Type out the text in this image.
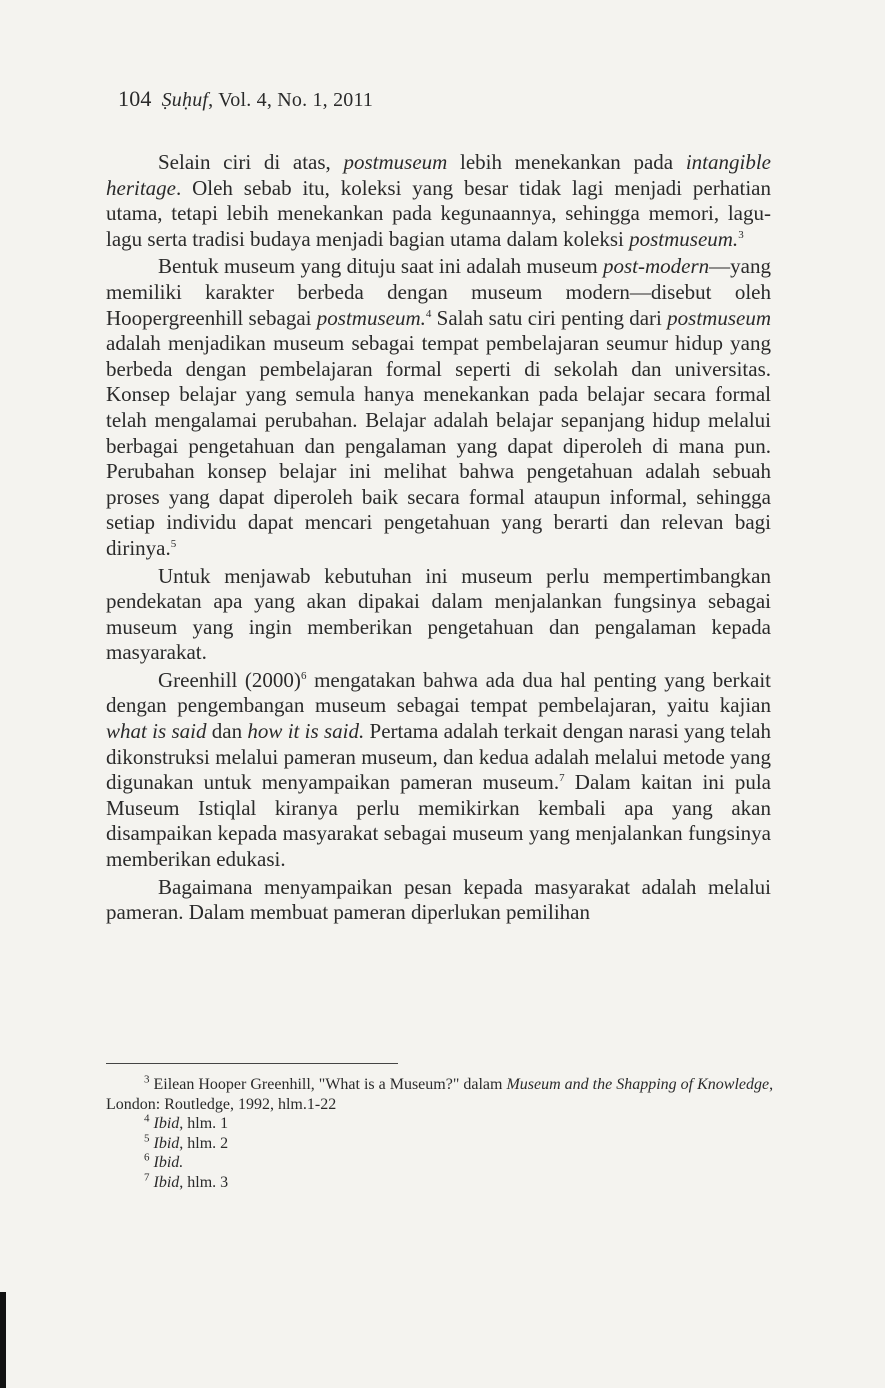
104 Ṣuḥuf, Vol. 4, No. 1, 2011

Selain ciri di atas, postmuseum lebih menekankan pada intangible heritage. Oleh sebab itu, koleksi yang besar tidak lagi menjadi perhatian utama, tetapi lebih menekankan pada kegunaannya, sehingga memori, lagu-lagu serta tradisi budaya menjadi bagian utama dalam koleksi postmuseum.$^3$

Bentuk museum yang dituju saat ini adalah museum post-modern—yang memiliki karakter berbeda dengan museum modern—disebut oleh Hoopergreenhill sebagai postmuseum.$^4$ Salah satu ciri penting dari postmuseum adalah menjadikan museum sebagai tempat pembelajaran seumur hidup yang berbeda dengan pembelajaran formal seperti di sekolah dan universitas. Konsep belajar yang semula hanya menekankan pada belajar secara formal telah mengalamai perubahan. Belajar adalah belajar sepanjang hidup melalui berbagai pengetahuan dan pengalaman yang dapat diperoleh di mana pun. Perubahan konsep belajar ini melihat bahwa pengetahuan adalah sebuah proses yang dapat diperoleh baik secara formal ataupun informal, sehingga setiap individu dapat mencari pengetahuan yang berarti dan relevan bagi dirinya.$^5$

Untuk menjawab kebutuhan ini museum perlu mempertimbangkan pendekatan apa yang akan dipakai dalam menjalankan fungsinya sebagai museum yang ingin memberikan pengetahuan dan pengalaman kepada masyarakat.

Greenhill $(2000)^6$ mengatakan bahwa ada dua hal penting yang berkait dengan pengembangan museum sebagai tempat pembelajaran, yaitu kajian what is said dan how it is said. Pertama adalah terkait dengan narasi yang telah dikonstruksi melalui pameran museum, dan kedua adalah melalui metode yang digunakan untuk menyampaikan pameran museum.$^7$ Dalam kaitan ini pula Museum Istiqlal kiranya perlu memikirkan kembali apa yang akan disampaikan kepada masyarakat sebagai museum yang menjalankan fungsinya memberikan edukasi.

Bagaimana menyampaikan pesan kepada masyarakat adalah melalui pameran. Dalam membuat pameran diperlukan pemilihan

$^3$ Eilean Hooper Greenhill, "What is a Museum?" dalam Museum and the Shapping of Knowledge, London: Routledge, 1992, hlm.1-22

$^4$ Ibid, hlm. 1

$^5$ Ibid, hlm. 2

$^6$ Ibid.

$^7$ Ibid, hlm. 3
